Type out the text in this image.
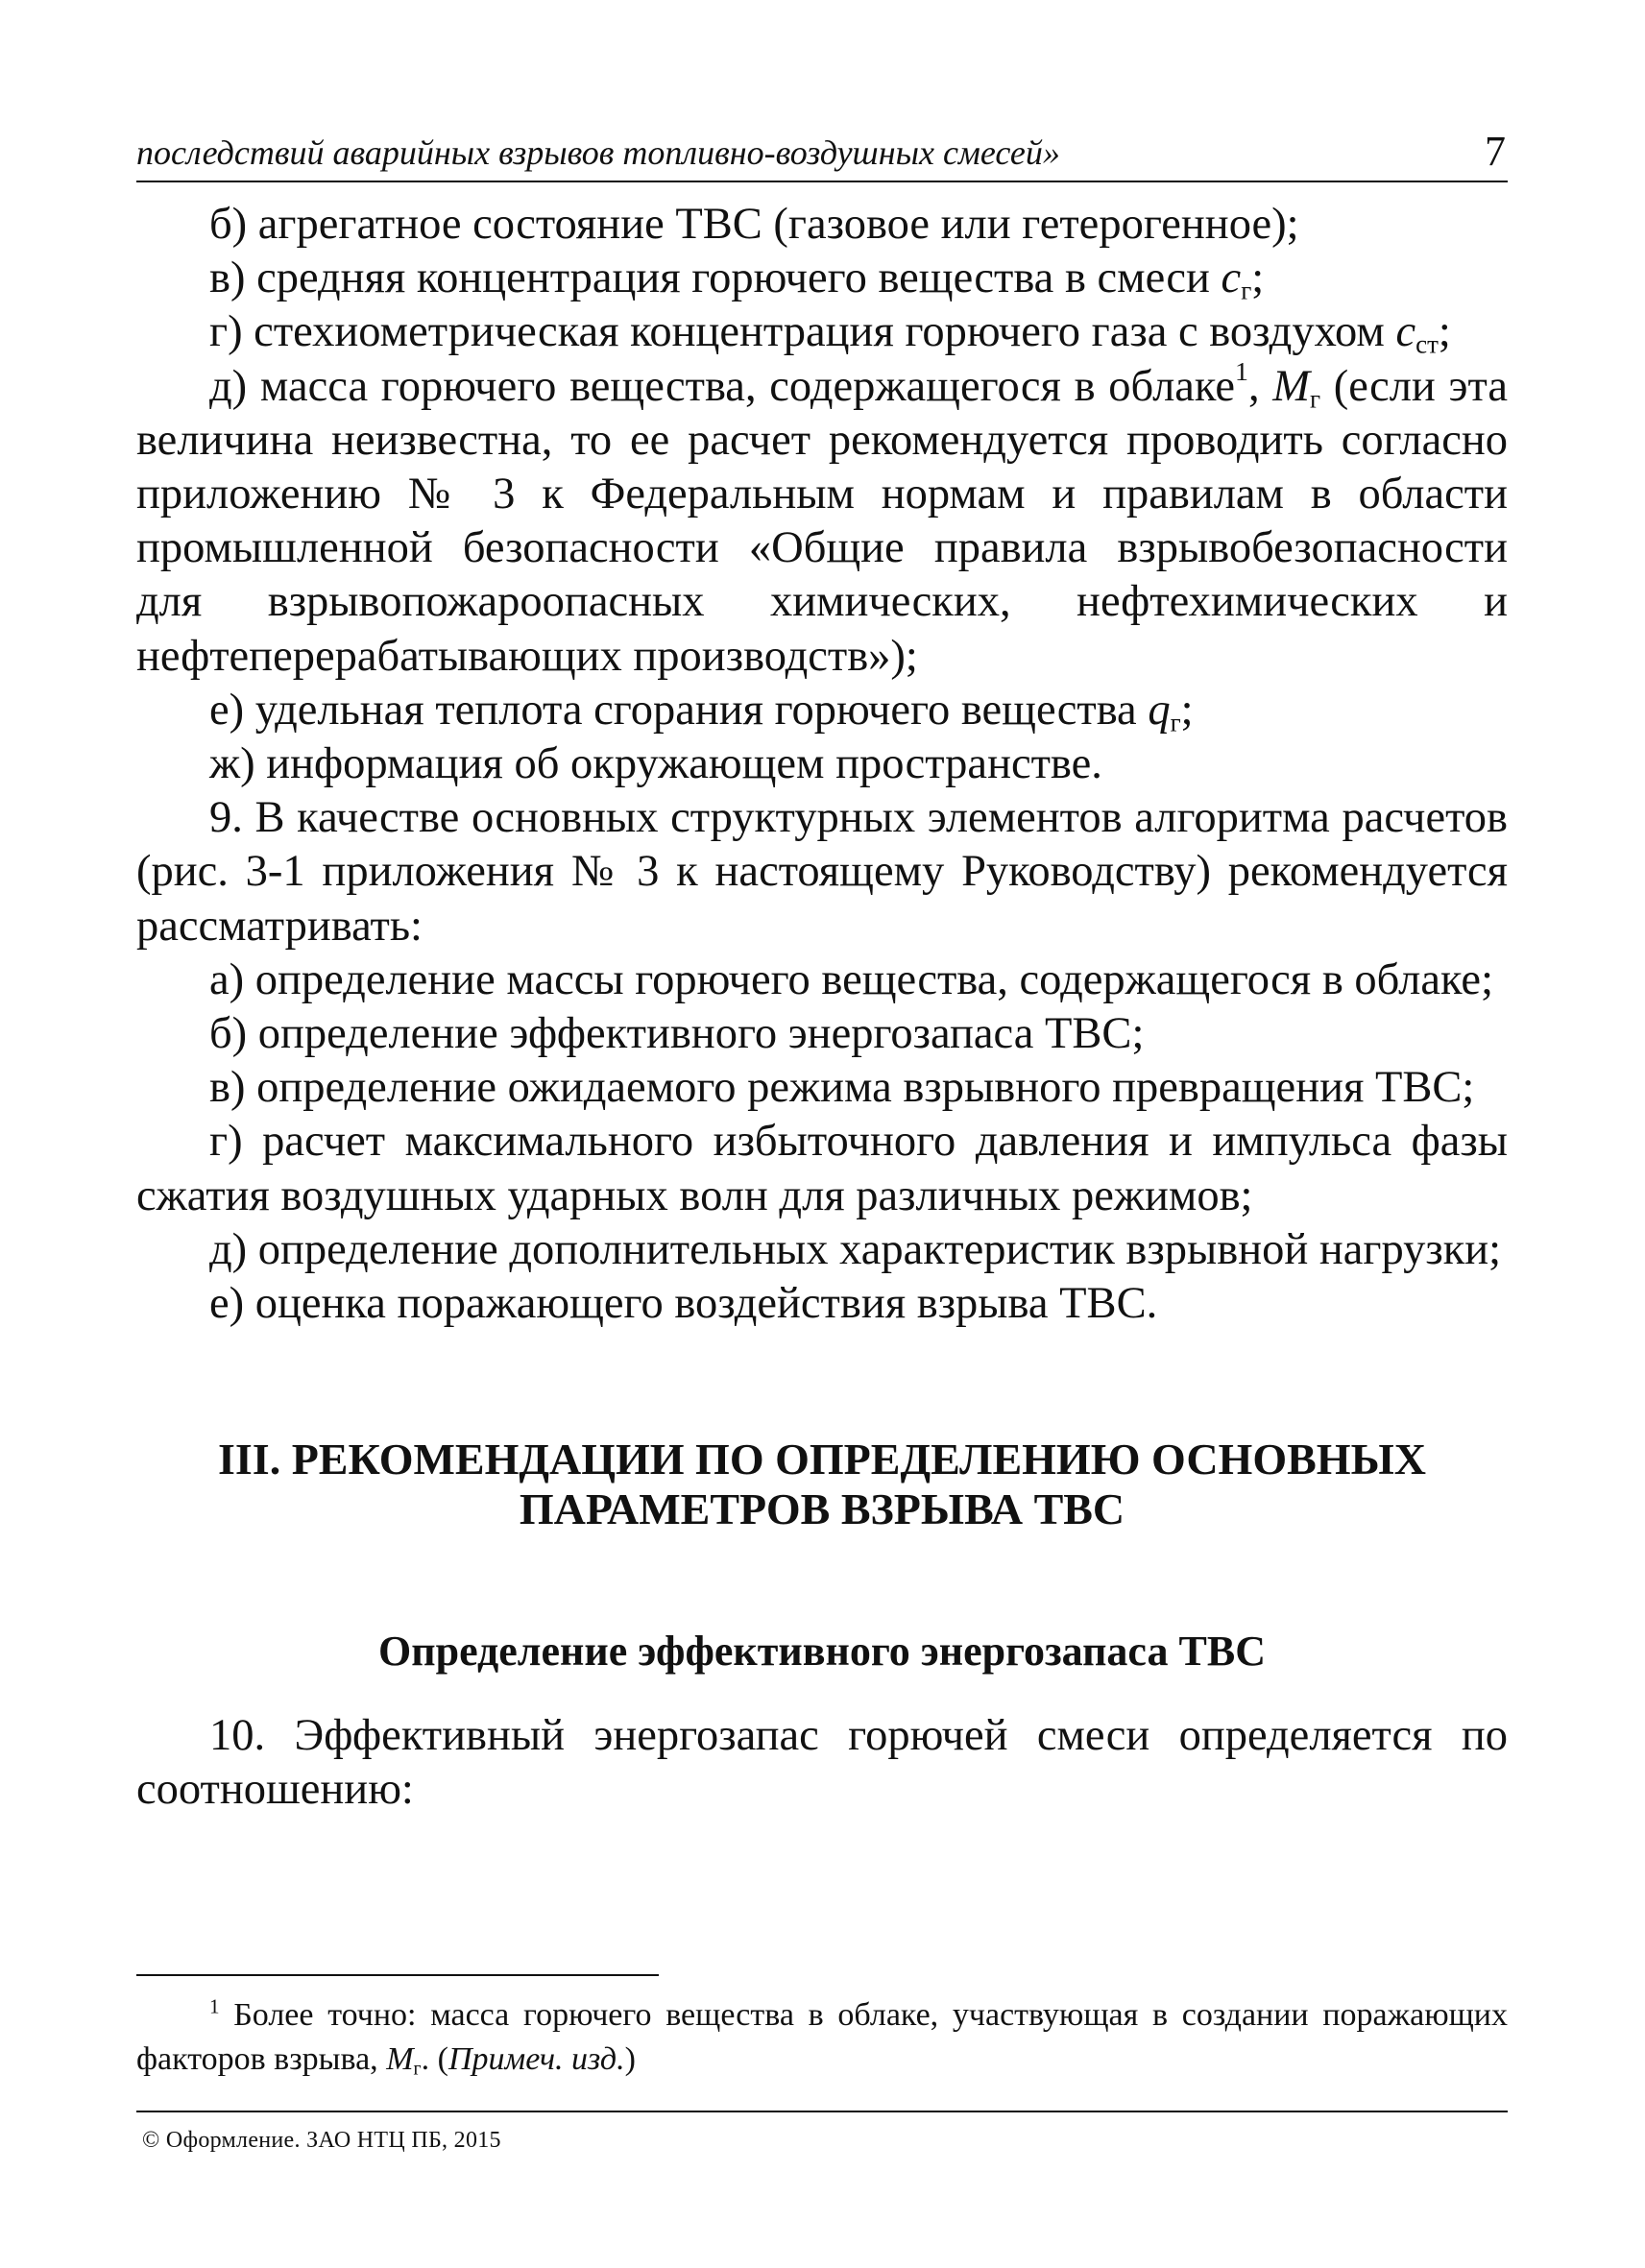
последствий аварийных взрывов топливно-воздушных смесей»	7

б) агрегатное состояние ТВС (газовое или гетерогенное);

в) средняя концентрация горючего вещества в смеси $c_г$;

г) стехиометрическая концентрация горючего газа с воздухом $c_{ст}$;

д) масса горючего вещества, содержащегося в облаке$^1$, $M_г$ (если эта величина неизвестна, то ее расчет рекомендуется проводить согласно приложению № 3 к Федеральным нормам и правилам в области промышленной безопасности «Общие правила взрывобезопасности для взрывопожароопасных химических, нефтехимических и нефтеперерабатывающих производств»);

е) удельная теплота сгорания горючего вещества $q_г$;

ж) информация об окружающем пространстве.

9. В качестве основных структурных элементов алгоритма расчетов (рис. 3-1 приложения № 3 к настоящему Руководству) рекомендуется рассматривать:

а) определение массы горючего вещества, содержащегося в облаке;

б) определение эффективного энергозапаса ТВС;

в) определение ожидаемого режима взрывного превращения ТВС;

г) расчет максимального избыточного давления и импульса фазы сжатия воздушных ударных волн для различных режимов;

д) определение дополнительных характеристик взрывной нагрузки;

е) оценка поражающего воздействия взрыва ТВС.

III. РЕКОМЕНДАЦИИ ПО ОПРЕДЕЛЕНИЮ ОСНОВНЫХ
ПАРАМЕТРОВ ВЗРЫВА ТВС
Определение эффективного энергозапаса ТВС

10. Эффективный энергозапас горючей смеси определяется по соотношению:

$^1$ Более точно: масса горючего вещества в облаке, участвующая в создании поражающих факторов взрыва, $M_г$. (Примеч. изд.)

© Оформление. ЗАО НТЦ ПБ, 2015
